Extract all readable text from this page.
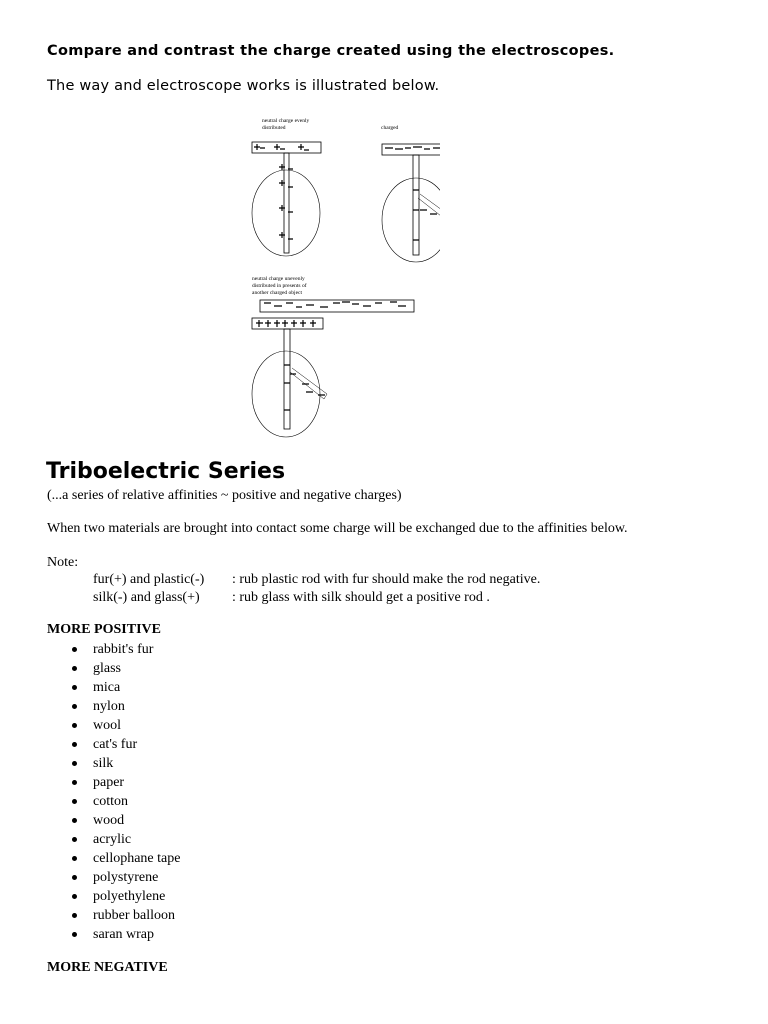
Compare and contrast the charge created using the electroscopes.

The way and electroscope works is illustrated below.

neutral charge evenly
distributed	charged
neutral charge unevenly
distributed in presents of
another charged object
Triboelectric Series

(...a series of relative affinities ~ positive and negative charges)

When two materials are brought into contact some charge will be exchanged due to the affinities below.

Note:

fur(+) and plastic(-) : rub plastic rod with fur should make the rod negative.
silk(-) and glass(+) : rub glass with silk should get a positive rod .

MORE POSITIVE

rabbit's fur
glass
mica
nylon
wool
cat's fur
silk
paper
cotton
wood
acrylic
cellophane tape
polystyrene
polyethylene
rubber balloon
saran wrap

MORE NEGATIVE
